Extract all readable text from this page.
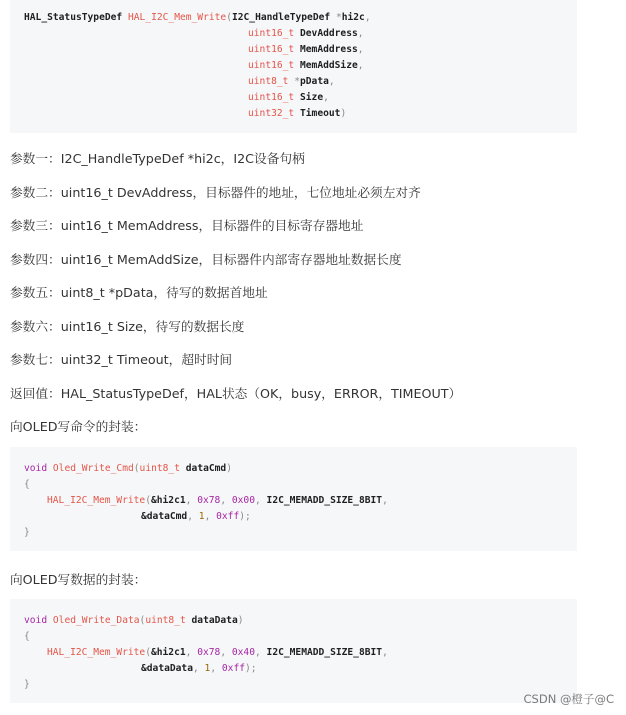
HAL_StatusTypeDef HAL_I2C_Mem_Write(I2C_HandleTypeDef *hi2c,
uint16_t DevAddress,
uint16_t MemAddress,
uint16_t MemAddSize,
uint8_t *pData,
uint16_t Size,
uint32_t Timeout)
参数一：I2C_HandleTypeDef *hi2c，I2C设备句柄
参数二：uint16_t DevAddress，目标器件的地址，七位地址必须左对齐
参数三：uint16_t MemAddress，目标器件的目标寄存器地址
参数四：uint16_t MemAddSize，目标器件内部寄存器地址数据长度
参数五：uint8_t *pData，待写的数据首地址
参数六：uint16_t Size，待写的数据长度
参数七：uint32_t Timeout，超时时间
返回值：HAL_StatusTypeDef，HAL状态（OK，busy，ERROR，TIMEOUT）
向OLED写命令的封装：
void Oled_Write_Cmd(uint8_t dataCmd)
{
HAL_I2C_Mem_Write(&hi2c1, 0x78, 0x00, I2C_MEMADD_SIZE_8BIT,
&dataCmd, 1, 0xff);
}
向OLED写数据的封装：
void Oled_Write_Data(uint8_t dataData)
{
HAL_I2C_Mem_Write(&hi2c1, 0x78, 0x40, I2C_MEMADD_SIZE_8BIT,
&dataData, 1, 0xff);
}
CSDN @橙子@C
